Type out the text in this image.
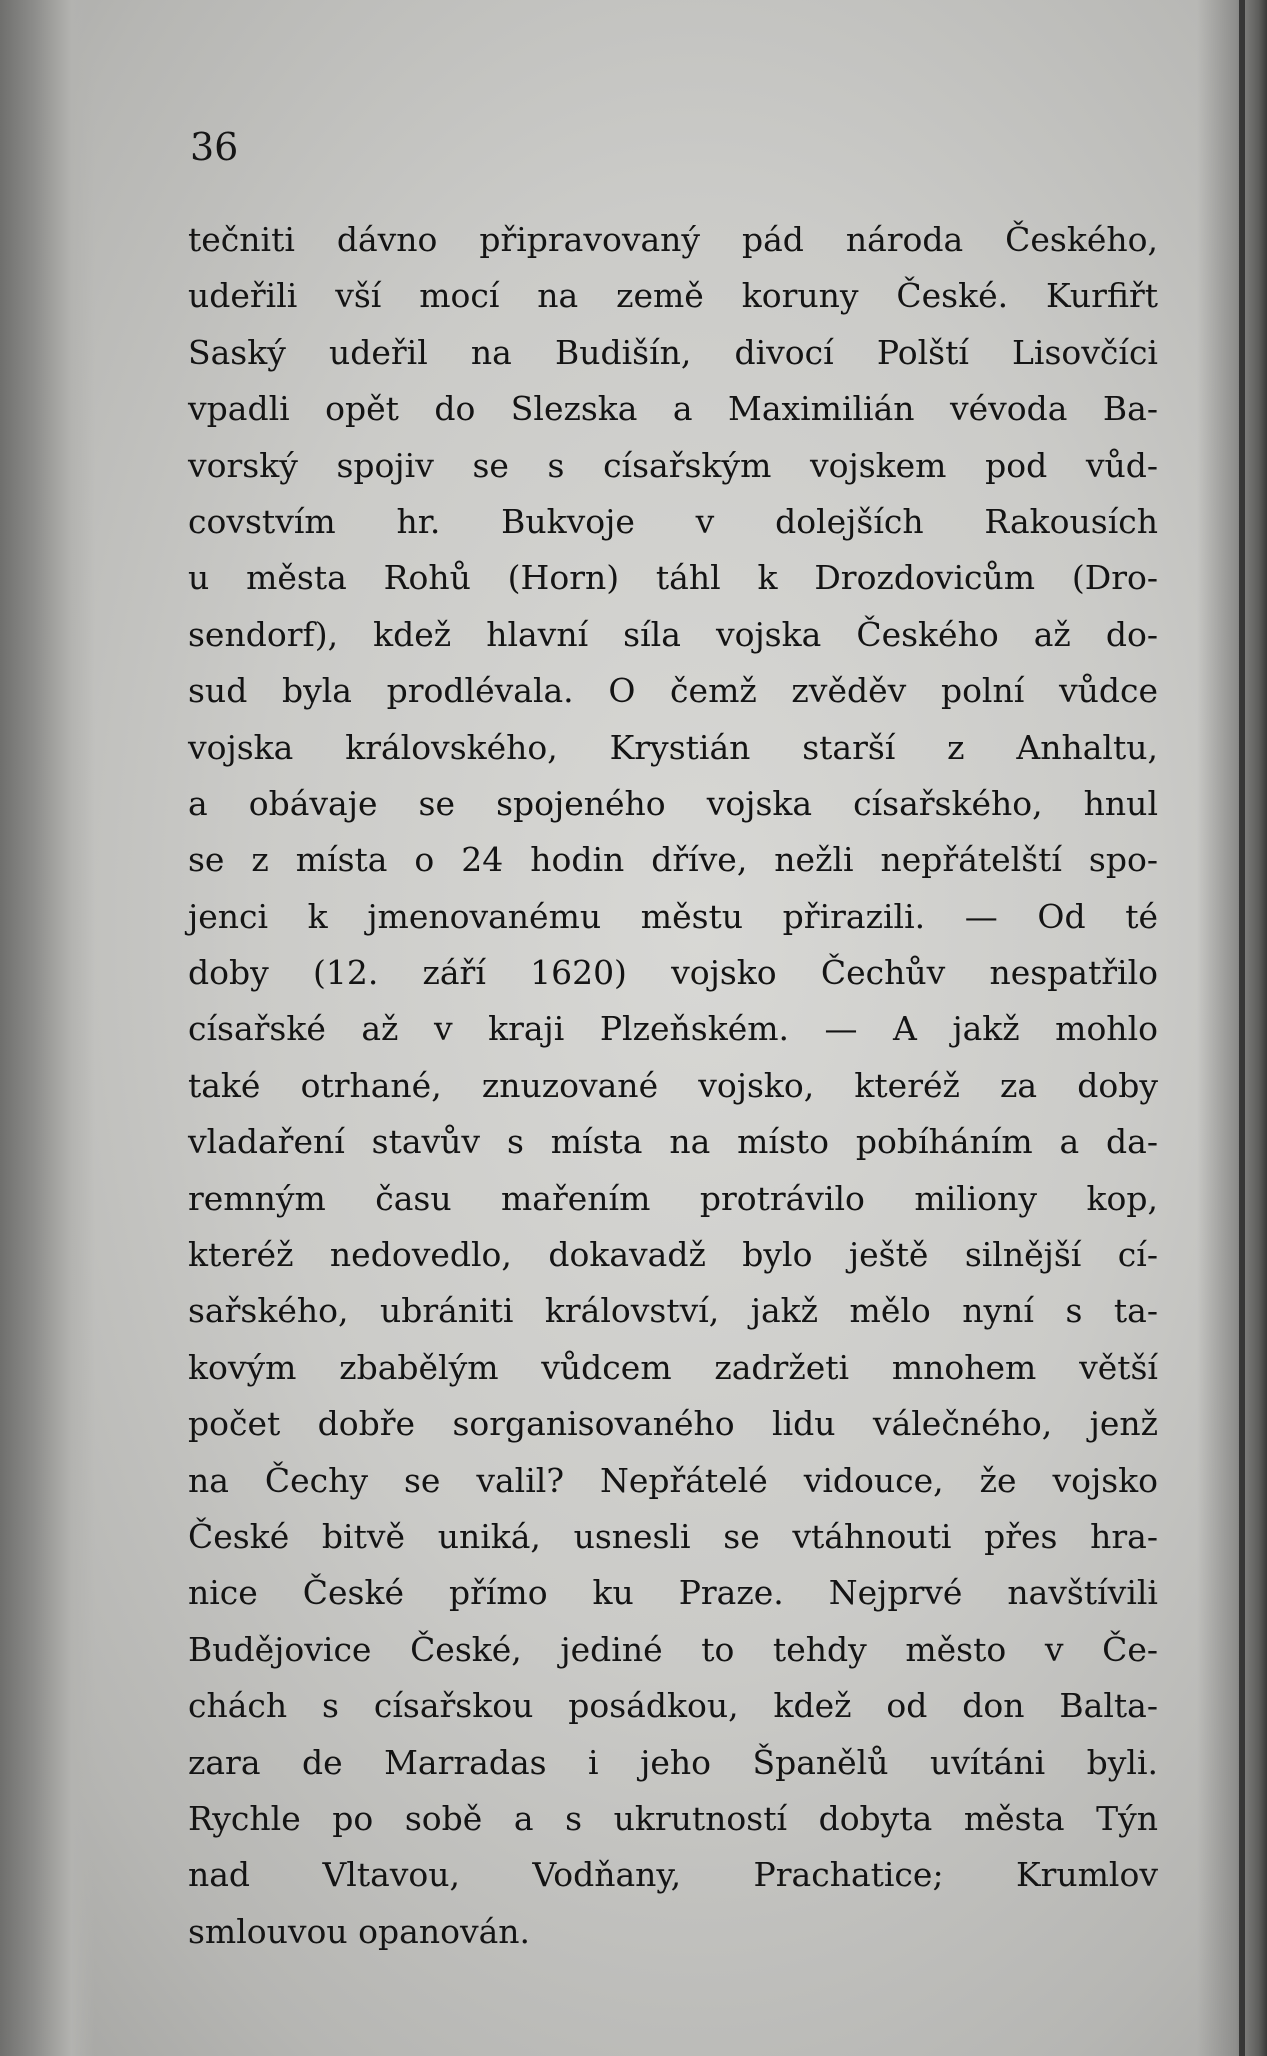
36
tečniti dávno připravovaný pád národa Českého,
udeřili vší mocí na země koruny České. Kurfiřt
Saský udeřil na Budišín, divocí Polští Lisovčíci
vpadli opět do Slezska a Maximilián vévoda Ba-
vorský spojiv se s císařským vojskem pod vůd-
covstvím hr. Bukvoje v dolejších Rakousích
u města Rohů (Horn) táhl k Drozdovicům (Dro-
sendorf), kdež hlavní síla vojska Českého až do-
sud byla prodlévala. O čemž zvěděv polní vůdce
vojska královského, Krystián starší z Anhaltu,
a obávaje se spojeného vojska císařského, hnul
se z místa o 24 hodin dříve, nežli nepřátelští spo-
jenci k jmenovanému městu přirazili. — Od té
doby (12. září 1620) vojsko Čechův nespatřilo
císařské až v kraji Plzeňském. — A jakž mohlo
také otrhané, znuzované vojsko, kteréž za doby
vladaření stavův s místa na místo pobíháním a da-
remným času mařením protrávilo miliony kop,
kteréž nedovedlo, dokavadž bylo ještě silnější cí-
sařského, ubrániti království, jakž mělo nyní s ta-
kovým zbabělým vůdcem zadržeti mnohem větší
počet dobře sorganisovaného lidu válečného, jenž
na Čechy se valil? Nepřátelé vidouce, že vojsko
České bitvě uniká, usnesli se vtáhnouti přes hra-
nice České přímo ku Praze. Nejprvé navštívili
Budějovice České, jediné to tehdy město v Če-
chách s císařskou posádkou, kdež od don Balta-
zara de Marradas i jeho Španělů uvítáni byli.
Rychle po sobě a s ukrutností dobyta města Týn
nad Vltavou, Vodňany, Prachatice; Krumlov
smlouvou opanován.
